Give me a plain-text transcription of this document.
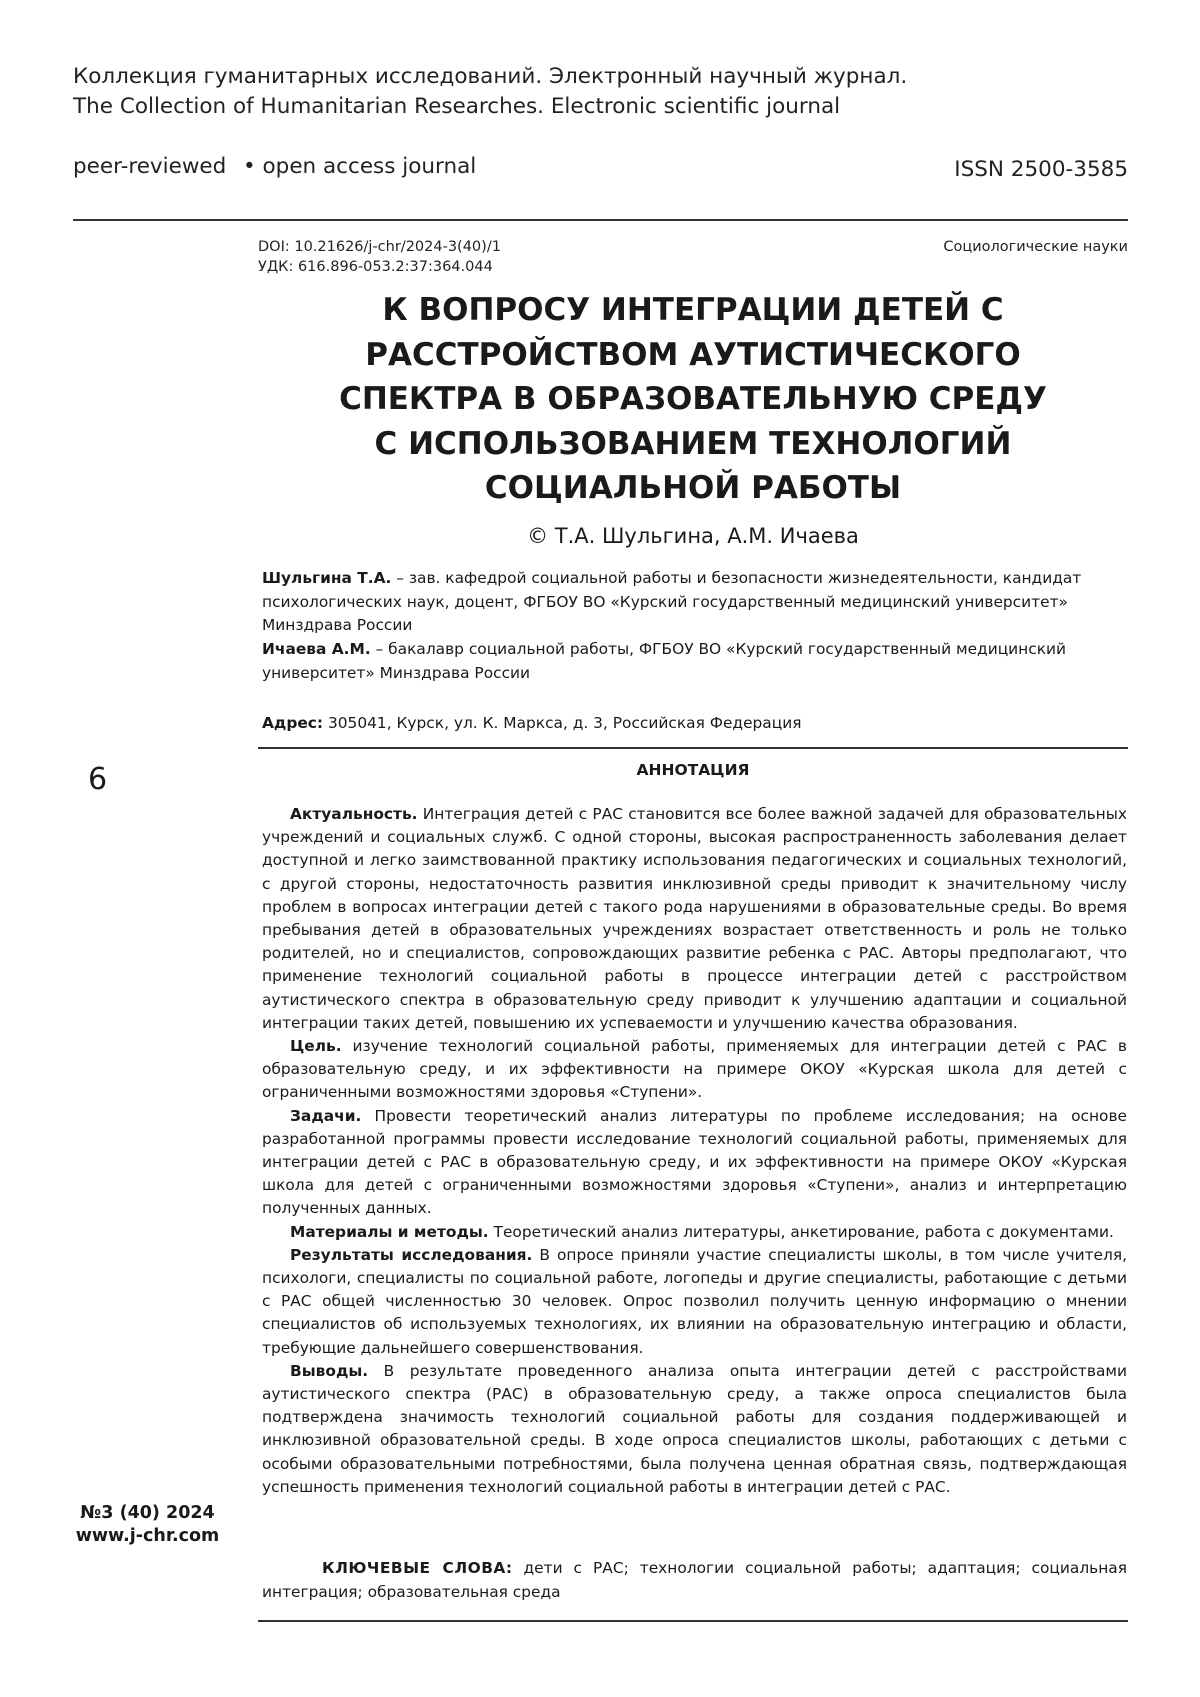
Коллекция гуманитарных исследований. Электронный научный журнал.
The Collection of Humanitarian Researches. Electronic scientific journal
peer-reviewed • open access journal	ISSN 2500-3585
DOI: 10.21626/j-chr/2024-3(40)/1
УДК: 616.896-053.2:37:364.044
Социологические науки
К ВОПРОСУ ИНТЕГРАЦИИ ДЕТЕЙ С
РАССТРОЙСТВОМ АУТИСТИЧЕСКОГО
СПЕКТРА В ОБРАЗОВАТЕЛЬНУЮ СРЕДУ
С ИСПОЛЬЗОВАНИЕМ ТЕХНОЛОГИЙ
СОЦИАЛЬНОЙ РАБОТЫ
© Т.А. Шульгина, А.М. Ичаева
Шульгина Т.А. – зав. кафедрой социальной работы и безопасности жизнедеятельности, кандидат психологических наук, доцент, ФГБОУ ВО «Курский государственный медицинский университет» Минздрава России
Ичаева А.М. – бакалавр социальной работы, ФГБОУ ВО «Курский государственный медицинский университет» Минздрава России
Адрес: 305041, Курск, ул. К. Маркса, д. 3, Российская Федерация
АННОТАЦИЯ

Актуальность. Интеграция детей с РАС становится все более важной задачей для образовательных учреждений и социальных служб. С одной стороны, высокая распространенность заболевания делает доступной и легко заимствованной практику использования педагогических и социальных технологий, с другой стороны, недостаточность развития инклюзивной среды приводит к значительному числу проблем в вопросах интеграции детей с такого рода нарушениями в образовательные среды. Во время пребывания детей в образовательных учреждениях возрастает ответственность и роль не только родителей, но и специалистов, сопровождающих развитие ребенка с РАС. Авторы предполагают, что применение технологий социальной работы в процессе интеграции детей с расстройством аутистического спектра в образовательную среду приводит к улучшению адаптации и социальной интеграции таких детей, повышению их успеваемости и улучшению качества образования.

Цель. изучение технологий социальной работы, применяемых для интеграции детей с РАС в образовательную среду, и их эффективности на примере ОКОУ «Курская школа для детей с ограниченными возможностями здоровья «Ступени».

Задачи. Провести теоретический анализ литературы по проблеме исследования; на основе разработанной программы провести исследование технологий социальной работы, применяемых для интеграции детей с РАС в образовательную среду, и их эффективности на примере ОКОУ «Курская школа для детей с ограниченными возможностями здоровья «Ступени», анализ и интерпретацию полученных данных.

Материалы и методы. Теоретический анализ литературы, анкетирование, работа с документами.

Результаты исследования. В опросе приняли участие специалисты школы, в том числе учителя, психологи, специалисты по социальной работе, логопеды и другие специалисты, работающие с детьми с РАС общей численностью 30 человек. Опрос позволил получить ценную информацию о мнении специалистов об используемых технологиях, их влиянии на образовательную интеграцию и области, требующие дальнейшего совершенствования.

Выводы. В результате проведенного анализа опыта интеграции детей с расстройствами аутистического спектра (РАС) в образовательную среду, а также опроса специалистов была подтверждена значимость технологий социальной работы для создания поддерживающей и инклюзивной образовательной среды. В ходе опроса специалистов школы, работающих с детьми с особыми образовательными потребностями, была получена ценная обратная связь, подтверждающая успешность применения технологий социальной работы в интеграции детей с РАС.

КЛЮЧЕВЫЕ СЛОВА: дети с РАС; технологии социальной работы; адаптация; социальная интеграция; образовательная среда
6
№3 (40) 2024
www.j-chr.com
